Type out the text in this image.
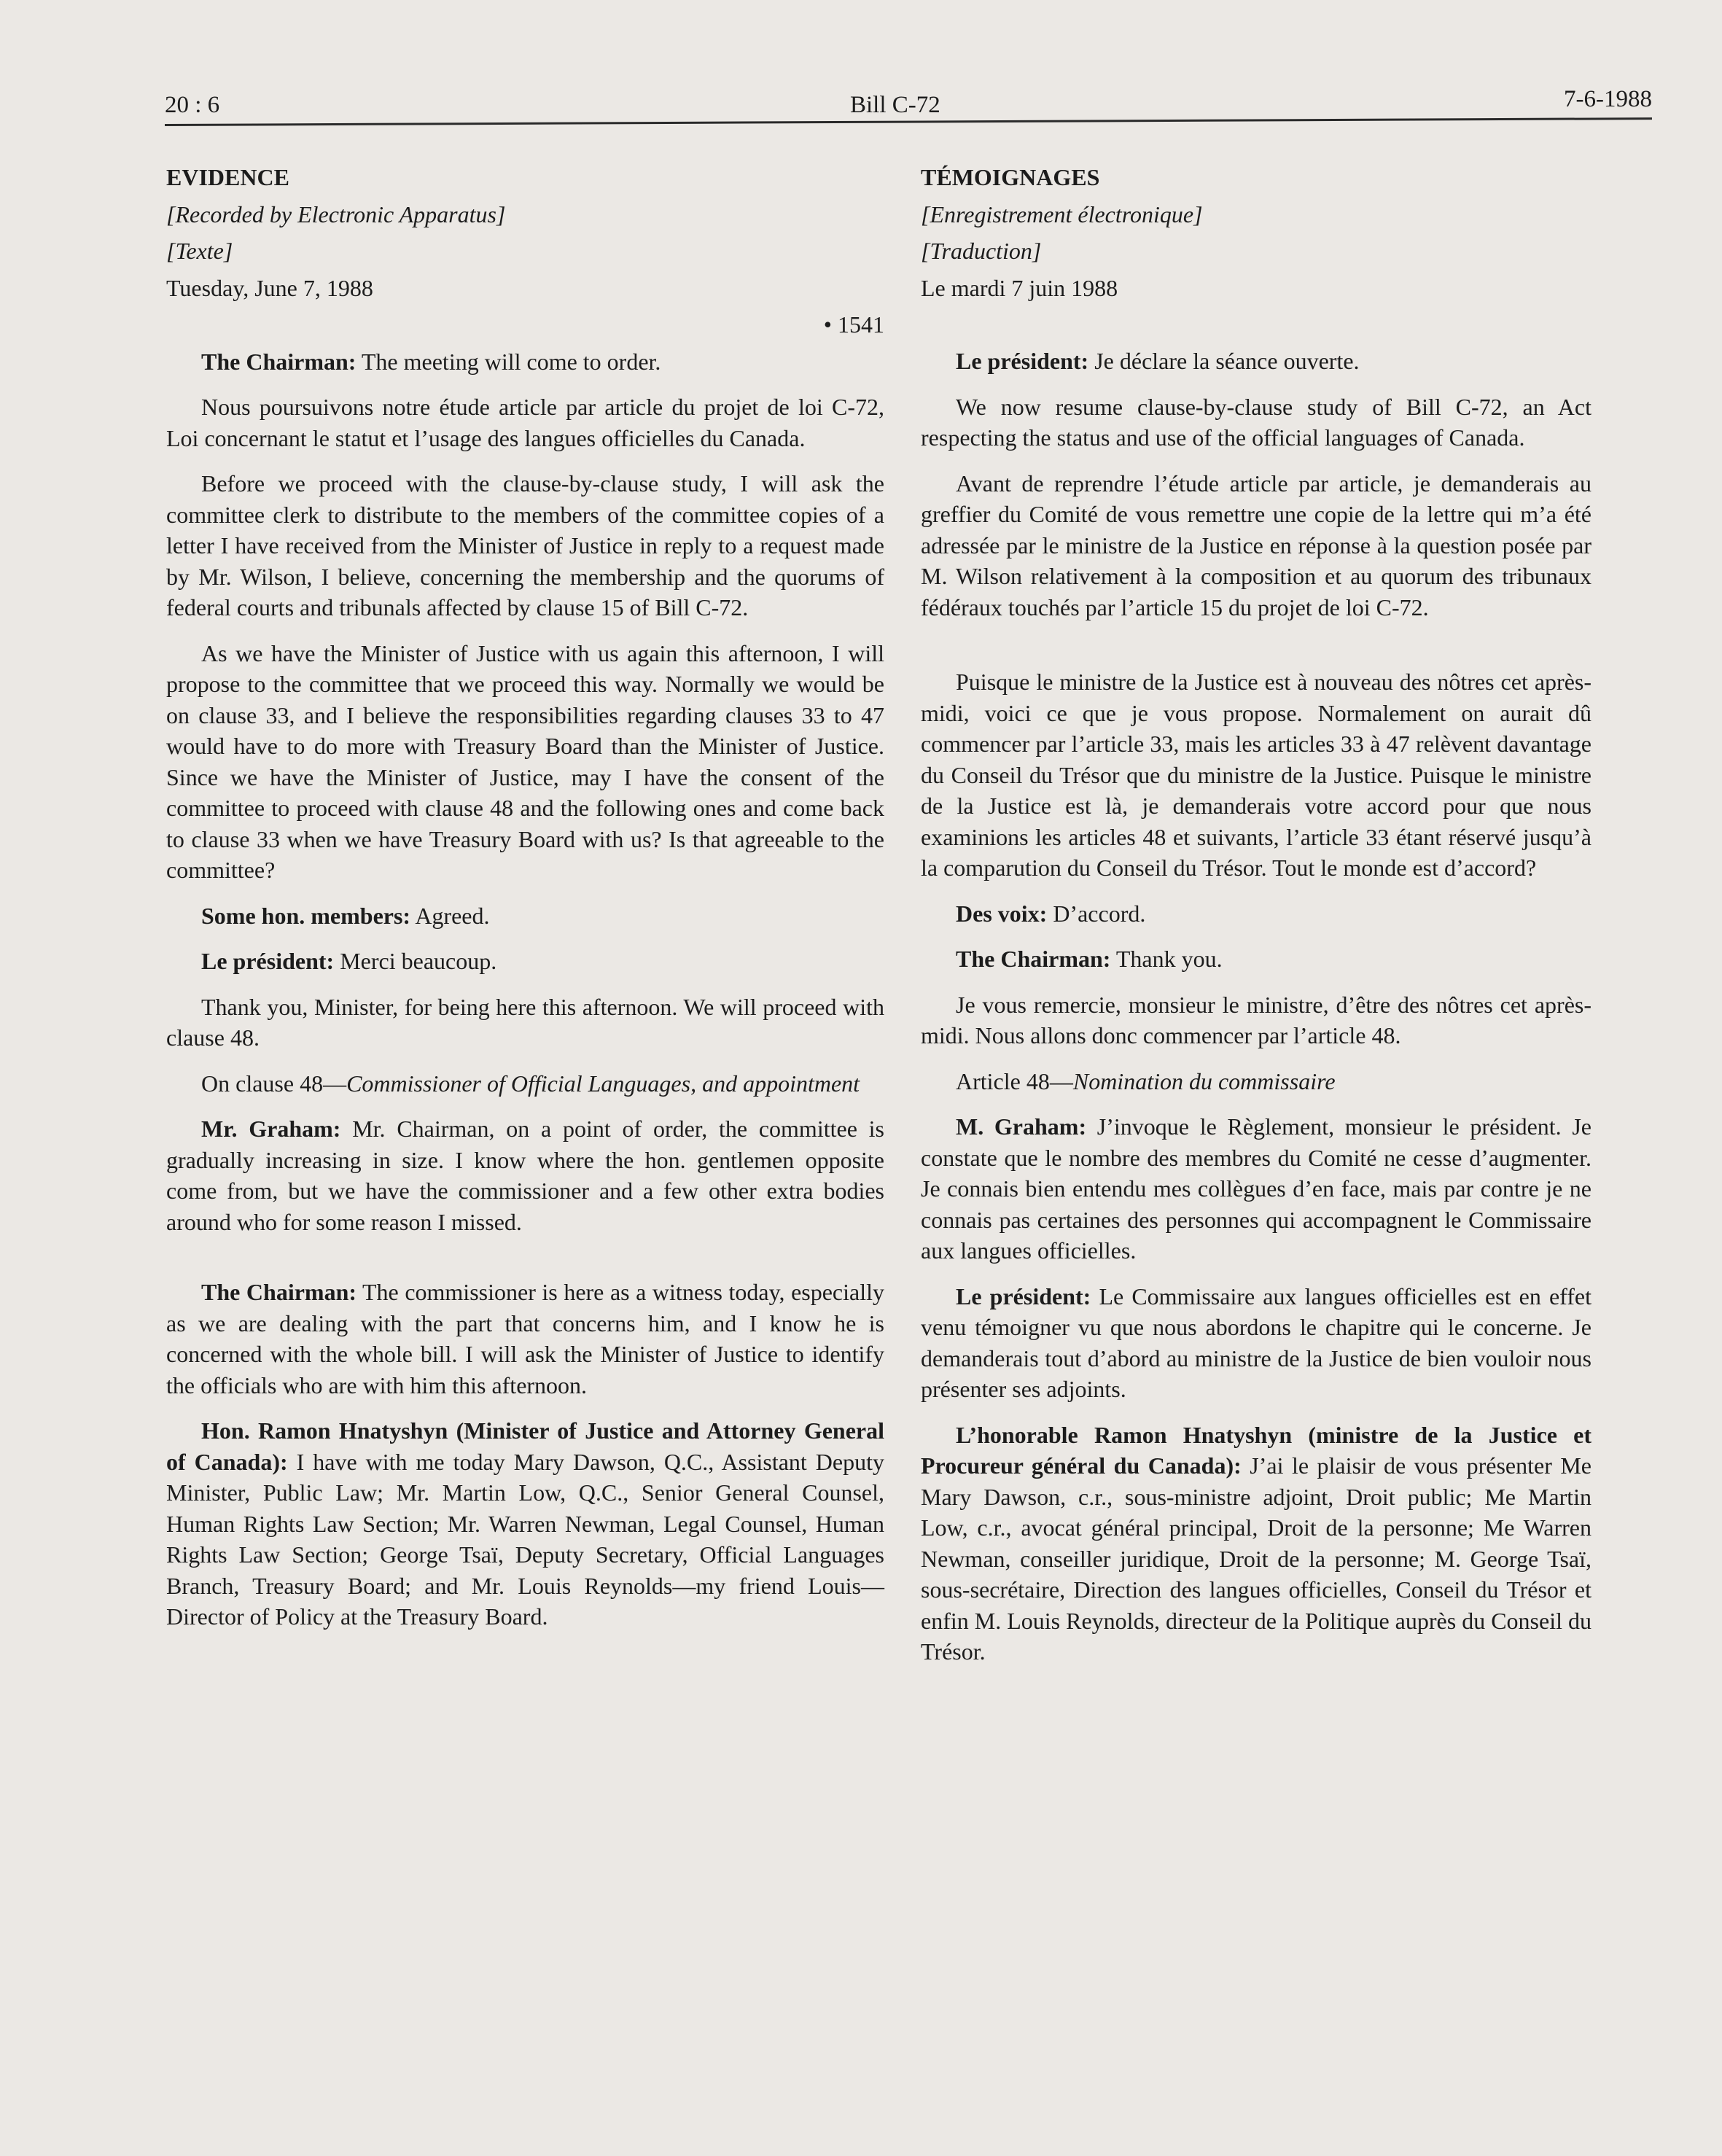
20 : 6	Bill C-72	7-6-1988

EVIDENCE

[Recorded by Electronic Apparatus]

[Texte]

Tuesday, June 7, 1988

• 1541

The Chairman: The meeting will come to order.

Nous poursuivons notre étude article par article du projet de loi C-72, Loi concernant le statut et l’usage des langues officielles du Canada.

Before we proceed with the clause-by-clause study, I will ask the committee clerk to distribute to the members of the committee copies of a letter I have received from the Minister of Justice in reply to a request made by Mr. Wilson, I believe, concerning the membership and the quorums of federal courts and tribunals affected by clause 15 of Bill C-72.

As we have the Minister of Justice with us again this afternoon, I will propose to the committee that we proceed this way. Normally we would be on clause 33, and I believe the responsibilities regarding clauses 33 to 47 would have to do more with Treasury Board than the Minister of Justice. Since we have the Minister of Justice, may I have the consent of the committee to proceed with clause 48 and the following ones and come back to clause 33 when we have Treasury Board with us? Is that agreeable to the committee?

Some hon. members: Agreed.

Le président: Merci beaucoup.

Thank you, Minister, for being here this afternoon. We will proceed with clause 48.

On clause 48—Commissioner of Official Languages, and appointment

Mr. Graham: Mr. Chairman, on a point of order, the committee is gradually increasing in size. I know where the hon. gentlemen opposite come from, but we have the commissioner and a few other extra bodies around who for some reason I missed.

The Chairman: The commissioner is here as a witness today, especially as we are dealing with the part that concerns him, and I know he is concerned with the whole bill. I will ask the Minister of Justice to identify the officials who are with him this afternoon.

Hon. Ramon Hnatyshyn (Minister of Justice and Attorney General of Canada): I have with me today Mary Dawson, Q.C., Assistant Deputy Minister, Public Law; Mr. Martin Low, Q.C., Senior General Counsel, Human Rights Law Section; Mr. Warren Newman, Legal Counsel, Human Rights Law Section; George Tsaï, Deputy Secretary, Official Languages Branch, Treasury Board; and Mr. Louis Reynolds—my friend Louis—Director of Policy at the Treasury Board.

TÉMOIGNAGES

[Enregistrement électronique]

[Traduction]

Le mardi 7 juin 1988

Le président: Je déclare la séance ouverte.

We now resume clause-by-clause study of Bill C-72, an Act respecting the status and use of the official languages of Canada.

Avant de reprendre l’étude article par article, je demanderais au greffier du Comité de vous remettre une copie de la lettre qui m’a été adressée par le ministre de la Justice en réponse à la question posée par M. Wilson relativement à la composition et au quorum des tribunaux fédéraux touchés par l’article 15 du projet de loi C-72.

Puisque le ministre de la Justice est à nouveau des nôtres cet après-midi, voici ce que je vous propose. Normalement on aurait dû commencer par l’article 33, mais les articles 33 à 47 relèvent davantage du Conseil du Trésor que du ministre de la Justice. Puisque le ministre de la Justice est là, je demanderais votre accord pour que nous examinions les articles 48 et suivants, l’article 33 étant réservé jusqu’à la comparution du Conseil du Trésor. Tout le monde est d’accord?

Des voix: D’accord.

The Chairman: Thank you.

Je vous remercie, monsieur le ministre, d’être des nôtres cet après-midi. Nous allons donc commencer par l’article 48.

Article 48—Nomination du commissaire

M. Graham: J’invoque le Règlement, monsieur le président. Je constate que le nombre des membres du Comité ne cesse d’augmenter. Je connais bien entendu mes collègues d’en face, mais par contre je ne connais pas certaines des personnes qui accompagnent le Commissaire aux langues officielles.

Le président: Le Commissaire aux langues officielles est en effet venu témoigner vu que nous abordons le chapitre qui le concerne. Je demanderais tout d’abord au ministre de la Justice de bien vouloir nous présenter ses adjoints.

L’honorable Ramon Hnatyshyn (ministre de la Justice et Procureur général du Canada): J’ai le plaisir de vous présenter Me Mary Dawson, c.r., sous-ministre adjoint, Droit public; Me Martin Low, c.r., avocat général principal, Droit de la personne; Me Warren Newman, conseiller juridique, Droit de la personne; M. George Tsaï, sous-secrétaire, Direction des langues officielles, Conseil du Trésor et enfin M. Louis Reynolds, directeur de la Politique auprès du Conseil du Trésor.
